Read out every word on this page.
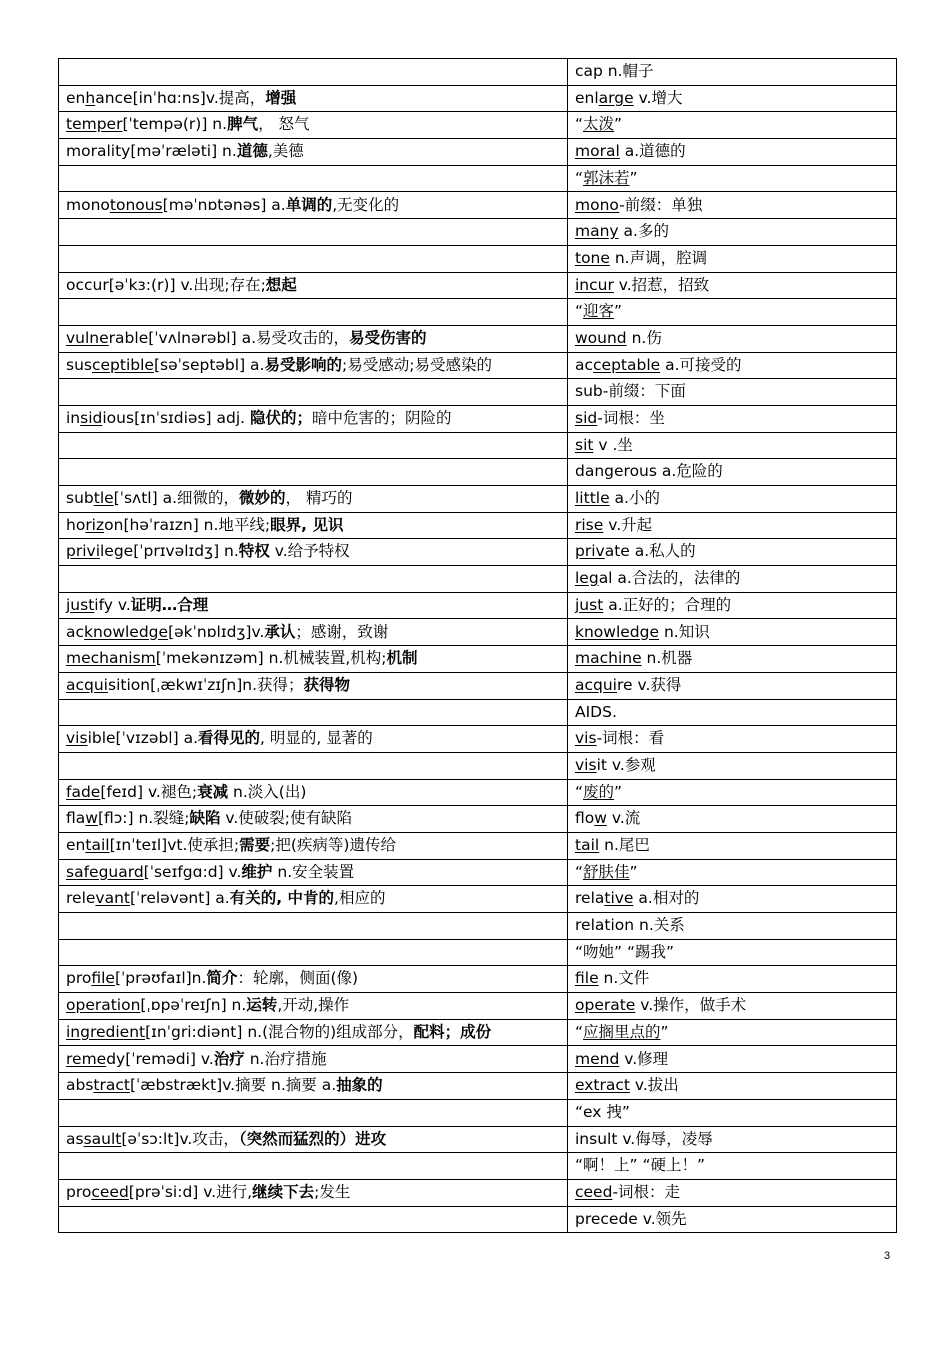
	cap n.帽子
enhance[inˈhɑ:ns]v.提高，增强	enlarge v.增大
temper[ˈtempə(r)] n.脾气， 怒气	“太泼”
morality[məˈræləti] n.道德,美德	moral a.道德的
	“郭沫若”
monotonous[məˈnɒtənəs] a.单调的,无变化的	mono-前缀：单独
	many a.多的
	tone n.声调，腔调
occur[əˈkɜ:(r)] v.出现;存在;想起	incur v.招惹，招致
	“迎客”
vulnerable[ˈvʌlnərəbl] a.易受攻击的，易受伤害的	wound n.伤
susceptible[səˈseptəbl] a.易受影响的;易受感动;易受感染的	acceptable a.可接受的
	sub-前缀：下面
insidious[ɪnˈsɪdiəs] adj. 隐伏的；暗中危害的；阴险的	sid-词根：坐
	sit v .坐
	dangerous a.危险的
subtle[ˈsʌtl] a.细微的，微妙的， 精巧的	little a.小的
horizon[həˈraɪzn] n.地平线;眼界, 见识	rise v.升起
privilege[ˈprɪvəlɪdʒ] n.特权 v.给予特权	private a.私人的
	legal a.合法的，法律的
justify v.证明…合理	just a.正好的；合理的
acknowledge[əkˈnɒlɪdʒ]v.承认；感谢，致谢	knowledge n.知识
mechanism[ˈmekənɪzəm] n.机械装置,机构;机制	machine n.机器
acquisition[ˌækwɪˈzɪʃn]n.获得；获得物	acquire v.获得
	AIDS.
visible[ˈvɪzəbl] a.看得见的, 明显的, 显著的	vis-词根：看
	visit v.参观
fade[feɪd] v.褪色;衰减 n.淡入(出)	“废的”
flaw[flɔ:] n.裂缝;缺陷 v.使破裂;使有缺陷	flow v.流
entail[ɪnˈteɪl]vt.使承担;需要;把(疾病等)遗传给	tail n.尾巴
safeguard[ˈseɪfgɑ:d] v.维护 n.安全装置	“舒肤佳”
relevant[ˈreləvənt] a.有关的, 中肯的,相应的	relative a.相对的
	relation n.关系
	“吻她” “踢我”
profile[ˈprəʊfaɪl]n.简介：轮廓，侧面(像)	file n.文件
operation[ˌɒpəˈreɪʃn] n.运转,开动,操作	operate v.操作，做手术
ingredient[ɪnˈgri:diənt] n.(混合物的)组成部分，配料；成份	“应搁里点的”
remedy[ˈremədi] v.治疗 n.治疗措施	mend v.修理
abstract[ˈæbstrækt]v.摘要 n.摘要 a.抽象的	extract v.拔出
	“ex 拽”
assault[əˈsɔ:lt]v.攻击，（突然而猛烈的）进攻	insult v.侮辱，凌辱
	“啊！上” “硬上！”
proceed[prəˈsi:d] v.进行,继续下去;发生	ceed-词根：走
	precede v.领先
3
